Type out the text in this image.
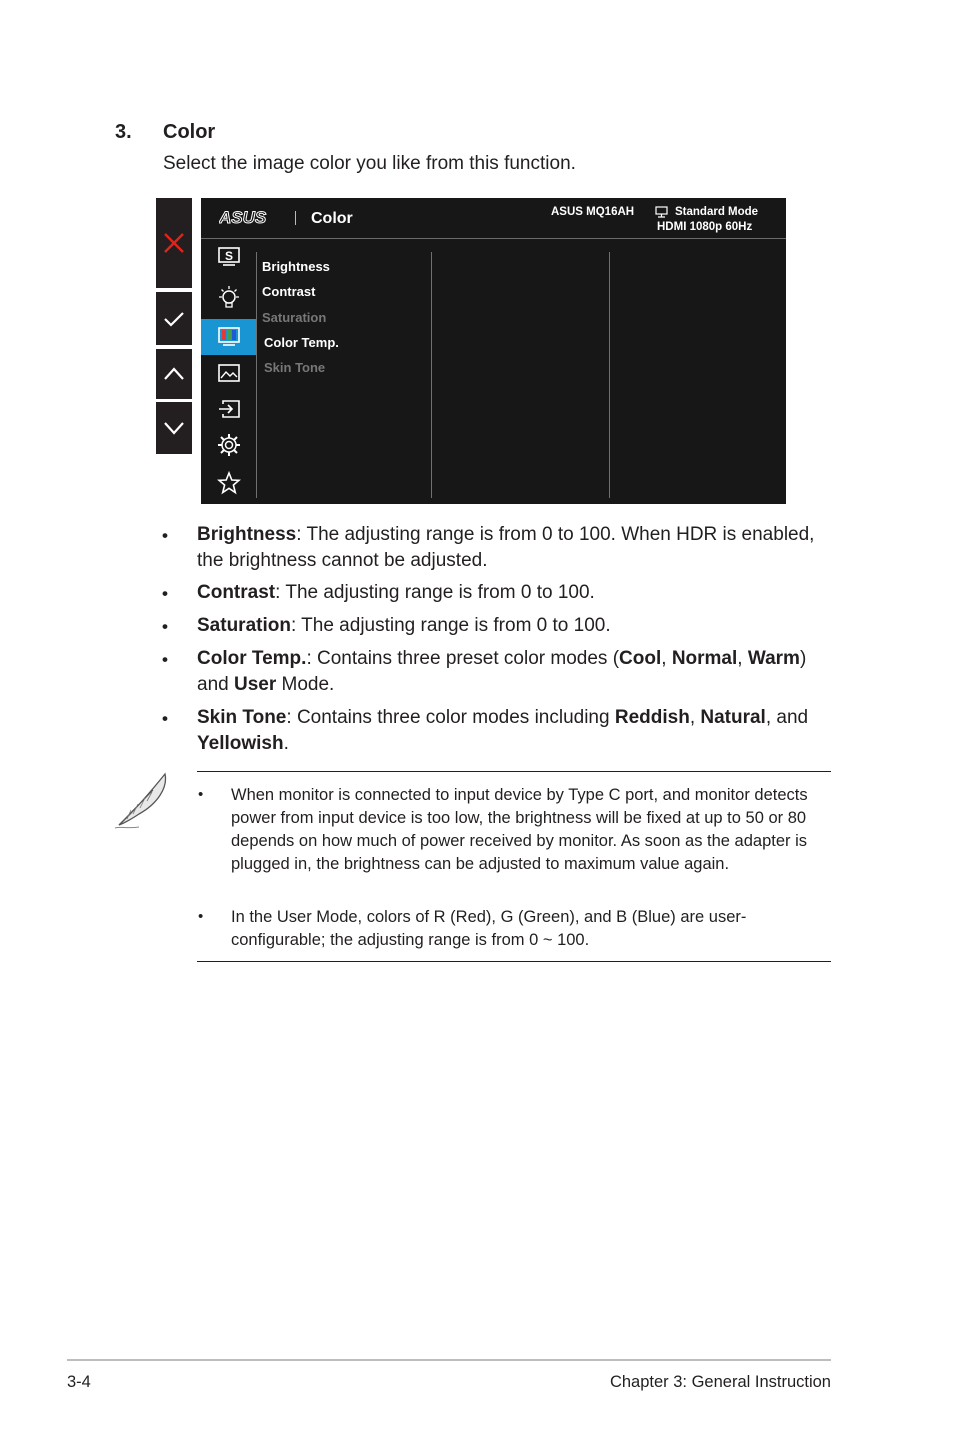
3. Color
Select the image color you like from this function.
ASUS	Color	ASUS MQ16AH	Standard Mode
HDMI 1080p 60Hz
S
Brightness
Contrast
Saturation
Color Temp.
Skin Tone
• Brightness: The adjusting range is from 0 to 100. When HDR is enabled, the brightness cannot be adjusted.
• Contrast: The adjusting range is from 0 to 100.
• Saturation: The adjusting range is from 0 to 100.
• Color Temp.: Contains three preset color modes (Cool, Normal, Warm) and User Mode.
• Skin Tone: Contains three color modes including Reddish, Natural, and Yellowish.
• When monitor is connected to input device by Type C port, and monitor detects power from input device is too low, the brightness will be fixed at up to 50 or 80 depends on how much of power received by monitor. As soon as the adapter is plugged in, the brightness can be adjusted to maximum value again.
• In the User Mode, colors of R (Red), G (Green), and B (Blue) are user-configurable; the adjusting range is from 0 ~ 100.
3-4	Chapter 3: General Instruction
